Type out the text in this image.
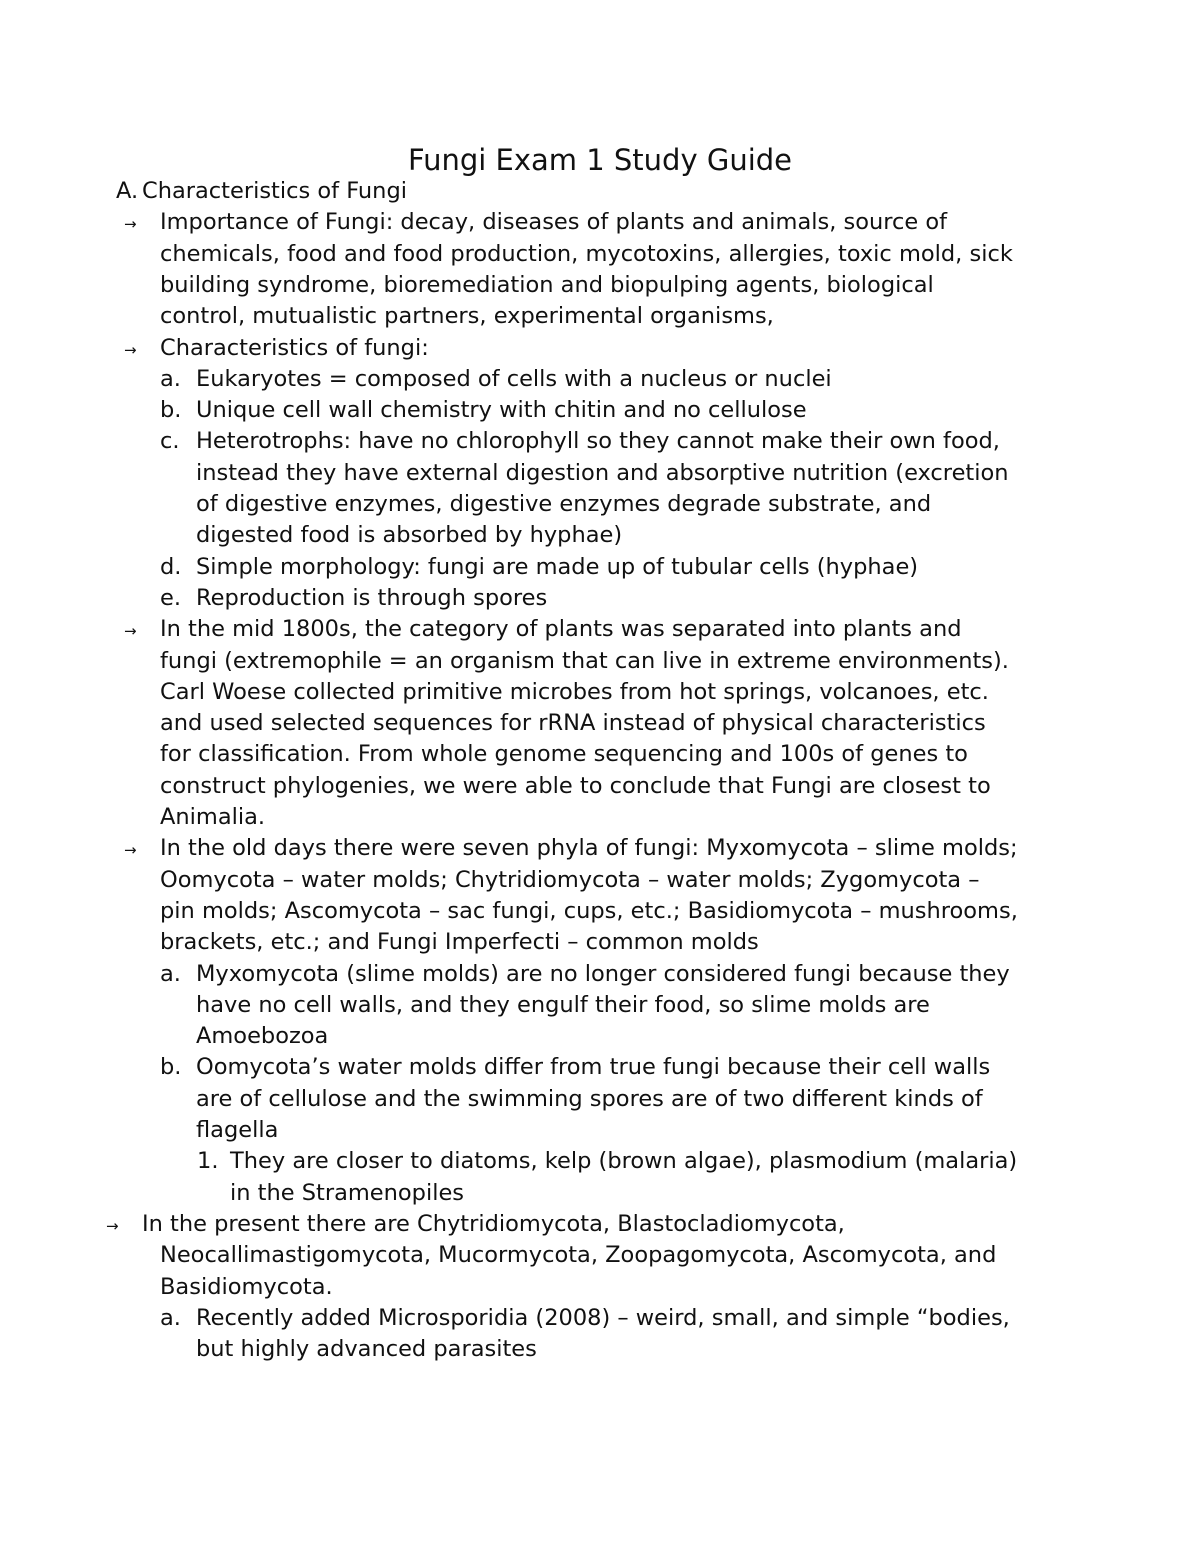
Fungi Exam 1 Study Guide
A. Characteristics of Fungi
→ Importance of Fungi: decay, diseases of plants and animals, source of
chemicals, food and food production, mycotoxins, allergies, toxic mold, sick
building syndrome, bioremediation and biopulping agents, biological
control, mutualistic partners, experimental organisms,
→ Characteristics of fungi:
a. Eukaryotes = composed of cells with a nucleus or nuclei
b. Unique cell wall chemistry with chitin and no cellulose
c. Heterotrophs: have no chlorophyll so they cannot make their own food,
instead they have external digestion and absorptive nutrition (excretion
of digestive enzymes, digestive enzymes degrade substrate, and
digested food is absorbed by hyphae)
d. Simple morphology: fungi are made up of tubular cells (hyphae)
e. Reproduction is through spores
→ In the mid 1800s, the category of plants was separated into plants and
fungi (extremophile = an organism that can live in extreme environments).
Carl Woese collected primitive microbes from hot springs, volcanoes, etc.
and used selected sequences for rRNA instead of physical characteristics
for classification. From whole genome sequencing and 100s of genes to
construct phylogenies, we were able to conclude that Fungi are closest to
Animalia.
→ In the old days there were seven phyla of fungi: Myxomycota – slime molds;
Oomycota – water molds; Chytridiomycota – water molds; Zygomycota –
pin molds; Ascomycota – sac fungi, cups, etc.; Basidiomycota – mushrooms,
brackets, etc.; and Fungi Imperfecti – common molds
a. Myxomycota (slime molds) are no longer considered fungi because they
have no cell walls, and they engulf their food, so slime molds are
Amoebozoa
b. Oomycota’s water molds differ from true fungi because their cell walls
are of cellulose and the swimming spores are of two different kinds of
flagella
1. They are closer to diatoms, kelp (brown algae), plasmodium (malaria)
in the Stramenopiles
→ In the present there are Chytridiomycota, Blastocladiomycota,
Neocallimastigomycota, Mucormycota, Zoopagomycota, Ascomycota, and
Basidiomycota.
a. Recently added Microsporidia (2008) – weird, small, and simple “bodies,
but highly advanced parasites
